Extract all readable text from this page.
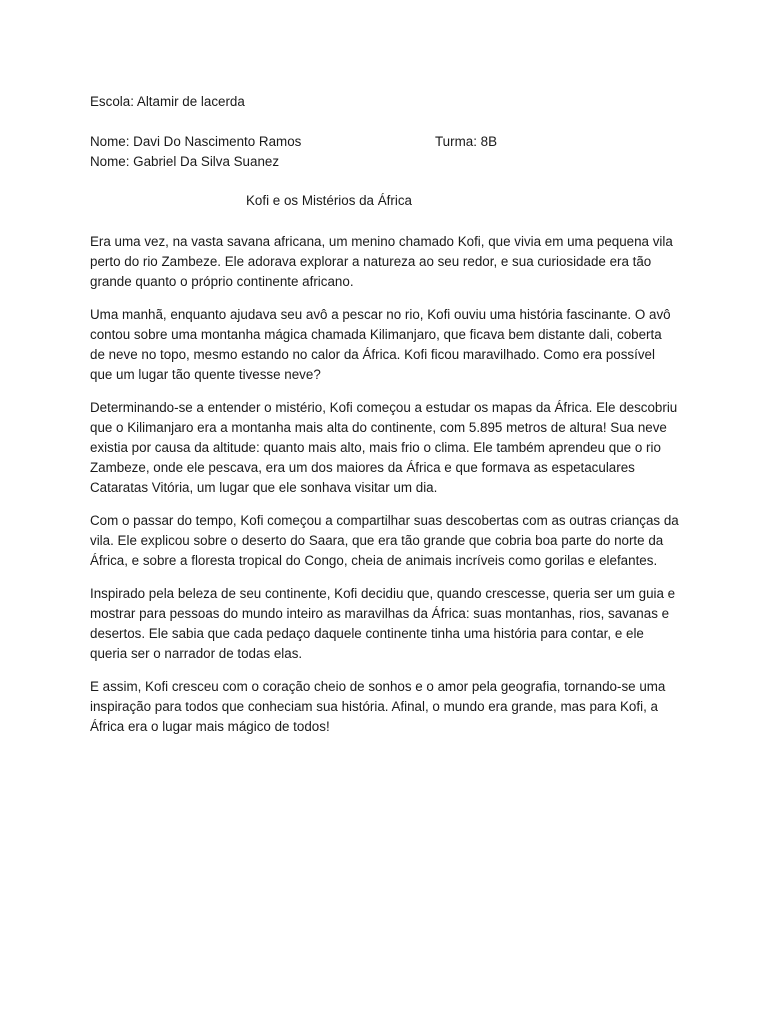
Escola: Altamir de lacerda
Nome: Davi Do Nascimento Ramos	Turma: 8B
Nome: Gabriel Da Silva Suanez
Kofi e os Mistérios da África

Era uma vez, na vasta savana africana, um menino chamado Kofi, que vivia em uma pequena vila perto do rio Zambeze. Ele adorava explorar a natureza ao seu redor, e sua curiosidade era tão grande quanto o próprio continente africano.

Uma manhã, enquanto ajudava seu avô a pescar no rio, Kofi ouviu uma história fascinante. O avô contou sobre uma montanha mágica chamada Kilimanjaro, que ficava bem distante dali, coberta de neve no topo, mesmo estando no calor da África. Kofi ficou maravilhado. Como era possível que um lugar tão quente tivesse neve?

Determinando-se a entender o mistério, Kofi começou a estudar os mapas da África. Ele descobriu que o Kilimanjaro era a montanha mais alta do continente, com 5.895 metros de altura! Sua neve existia por causa da altitude: quanto mais alto, mais frio o clima. Ele também aprendeu que o rio Zambeze, onde ele pescava, era um dos maiores da África e que formava as espetaculares Cataratas Vitória, um lugar que ele sonhava visitar um dia.

Com o passar do tempo, Kofi começou a compartilhar suas descobertas com as outras crianças da vila. Ele explicou sobre o deserto do Saara, que era tão grande que cobria boa parte do norte da África, e sobre a floresta tropical do Congo, cheia de animais incríveis como gorilas e elefantes.

Inspirado pela beleza de seu continente, Kofi decidiu que, quando crescesse, queria ser um guia e mostrar para pessoas do mundo inteiro as maravilhas da África: suas montanhas, rios, savanas e desertos. Ele sabia que cada pedaço daquele continente tinha uma história para contar, e ele queria ser o narrador de todas elas.

E assim, Kofi cresceu com o coração cheio de sonhos e o amor pela geografia, tornando-se uma inspiração para todos que conheciam sua história. Afinal, o mundo era grande, mas para Kofi, a África era o lugar mais mágico de todos!
